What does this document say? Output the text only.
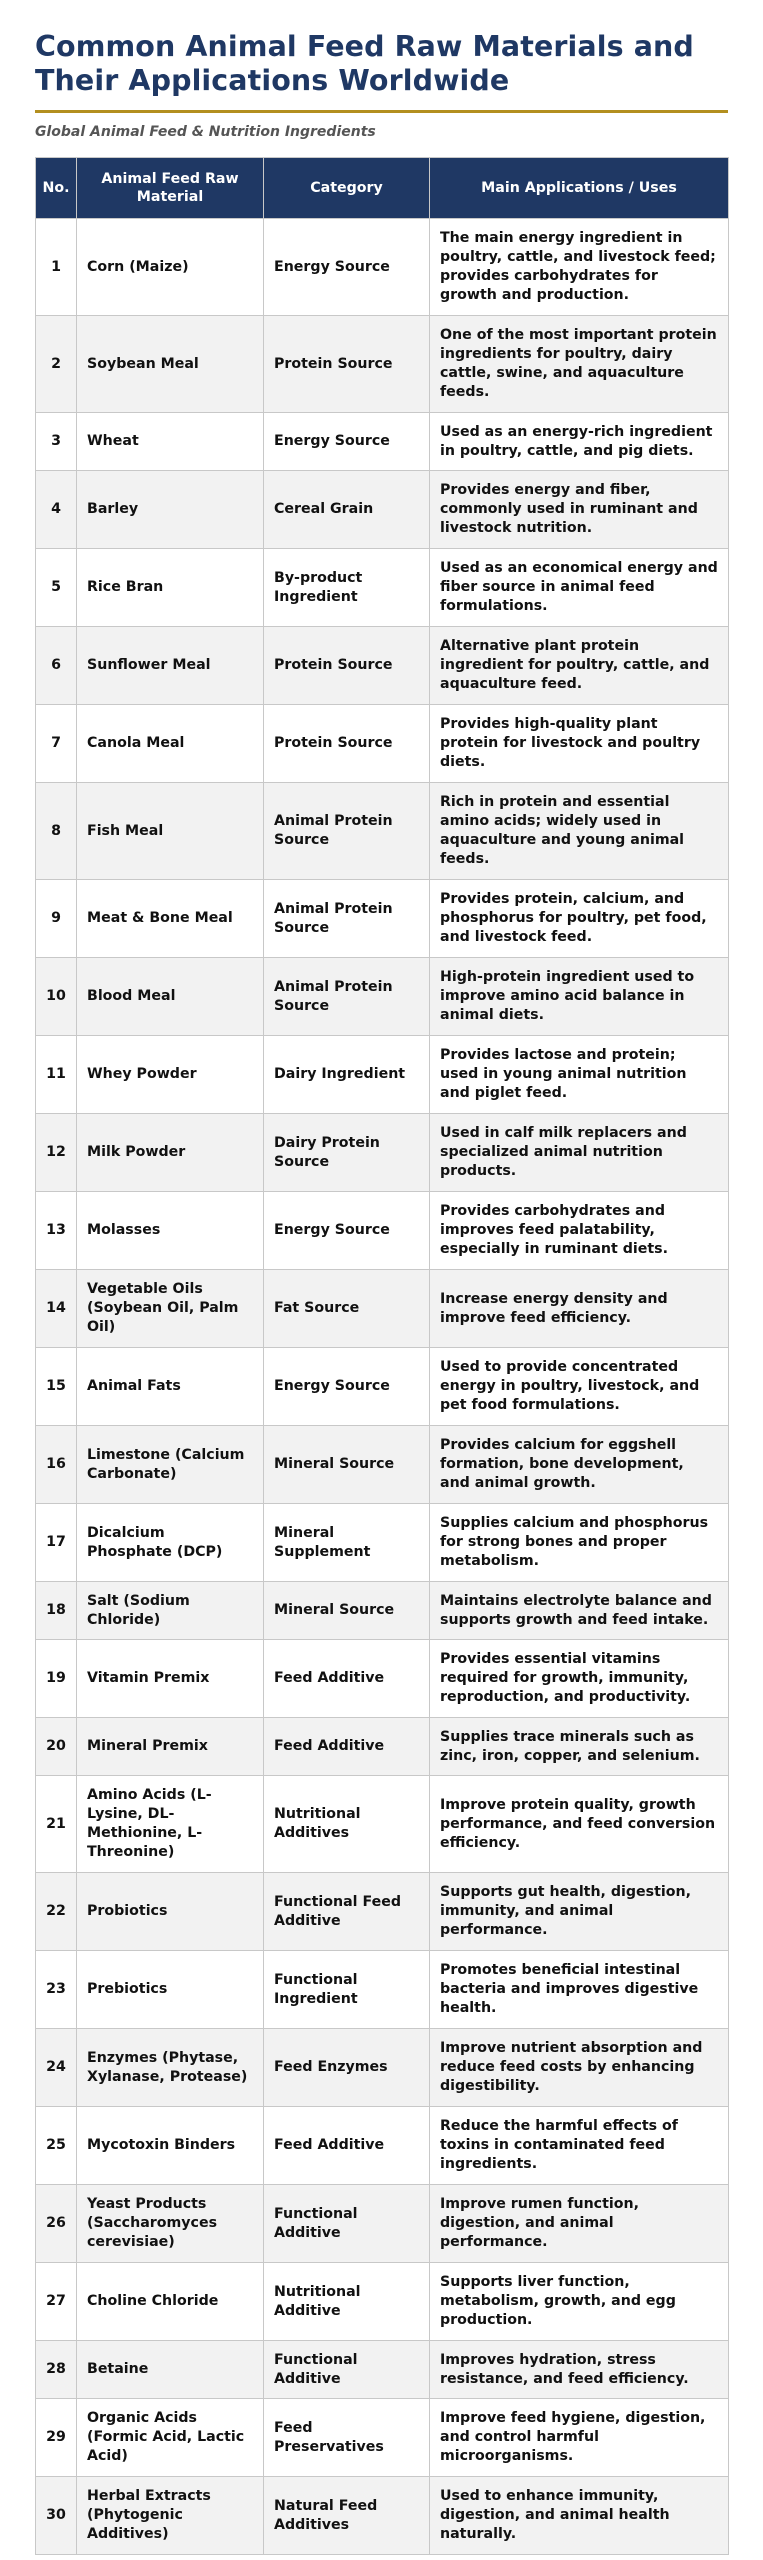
Common Animal Feed Raw Materials and Their Applications Worldwide
Global Animal Feed & Nutrition Ingredients
No.	Animal Feed Raw Material	Category	Main Applications / Uses
1	Corn (Maize)	Energy Source	The main energy ingredient in poultry, cattle, and livestock feed; provides carbohydrates for growth and production.
2	Soybean Meal	Protein Source	One of the most important protein ingredients for poultry, dairy cattle, swine, and aquaculture feeds.
3	Wheat	Energy Source	Used as an energy-rich ingredient in poultry, cattle, and pig diets.
4	Barley	Cereal Grain	Provides energy and fiber, commonly used in ruminant and livestock nutrition.
5	Rice Bran	By-product Ingredient	Used as an economical energy and fiber source in animal feed formulations.
6	Sunflower Meal	Protein Source	Alternative plant protein ingredient for poultry, cattle, and aquaculture feed.
7	Canola Meal	Protein Source	Provides high-quality plant protein for livestock and poultry diets.
8	Fish Meal	Animal Protein Source	Rich in protein and essential amino acids; widely used in aquaculture and young animal feeds.
9	Meat & Bone Meal	Animal Protein Source	Provides protein, calcium, and phosphorus for poultry, pet food, and livestock feed.
10	Blood Meal	Animal Protein Source	High-protein ingredient used to improve amino acid balance in animal diets.
11	Whey Powder	Dairy Ingredient	Provides lactose and protein; used in young animal nutrition and piglet feed.
12	Milk Powder	Dairy Protein Source	Used in calf milk replacers and specialized animal nutrition products.
13	Molasses	Energy Source	Provides carbohydrates and improves feed palatability, especially in ruminant diets.
14	Vegetable Oils (Soybean Oil, Palm Oil)	Fat Source	Increase energy density and improve feed efficiency.
15	Animal Fats	Energy Source	Used to provide concentrated energy in poultry, livestock, and pet food formulations.
16	Limestone (Calcium Carbonate)	Mineral Source	Provides calcium for eggshell formation, bone development, and animal growth.
17	Dicalcium Phosphate (DCP)	Mineral Supplement	Supplies calcium and phosphorus for strong bones and proper metabolism.
18	Salt (Sodium Chloride)	Mineral Source	Maintains electrolyte balance and supports growth and feed intake.
19	Vitamin Premix	Feed Additive	Provides essential vitamins required for growth, immunity, reproduction, and productivity.
20	Mineral Premix	Feed Additive	Supplies trace minerals such as zinc, iron, copper, and selenium.
21	Amino Acids (L-Lysine, DL-Methionine, L-Threonine)	Nutritional Additives	Improve protein quality, growth performance, and feed conversion efficiency.
22	Probiotics	Functional Feed Additive	Supports gut health, digestion, immunity, and animal performance.
23	Prebiotics	Functional Ingredient	Promotes beneficial intestinal bacteria and improves digestive health.
24	Enzymes (Phytase, Xylanase, Protease)	Feed Enzymes	Improve nutrient absorption and reduce feed costs by enhancing digestibility.
25	Mycotoxin Binders	Feed Additive	Reduce the harmful effects of toxins in contaminated feed ingredients.
26	Yeast Products (Saccharomyces cerevisiae)	Functional Additive	Improve rumen function, digestion, and animal performance.
27	Choline Chloride	Nutritional Additive	Supports liver function, metabolism, growth, and egg production.
28	Betaine	Functional Additive	Improves hydration, stress resistance, and feed efficiency.
29	Organic Acids (Formic Acid, Lactic Acid)	Feed Preservatives	Improve feed hygiene, digestion, and control harmful microorganisms.
30	Herbal Extracts (Phytogenic Additives)	Natural Feed Additives	Used to enhance immunity, digestion, and animal health naturally.
